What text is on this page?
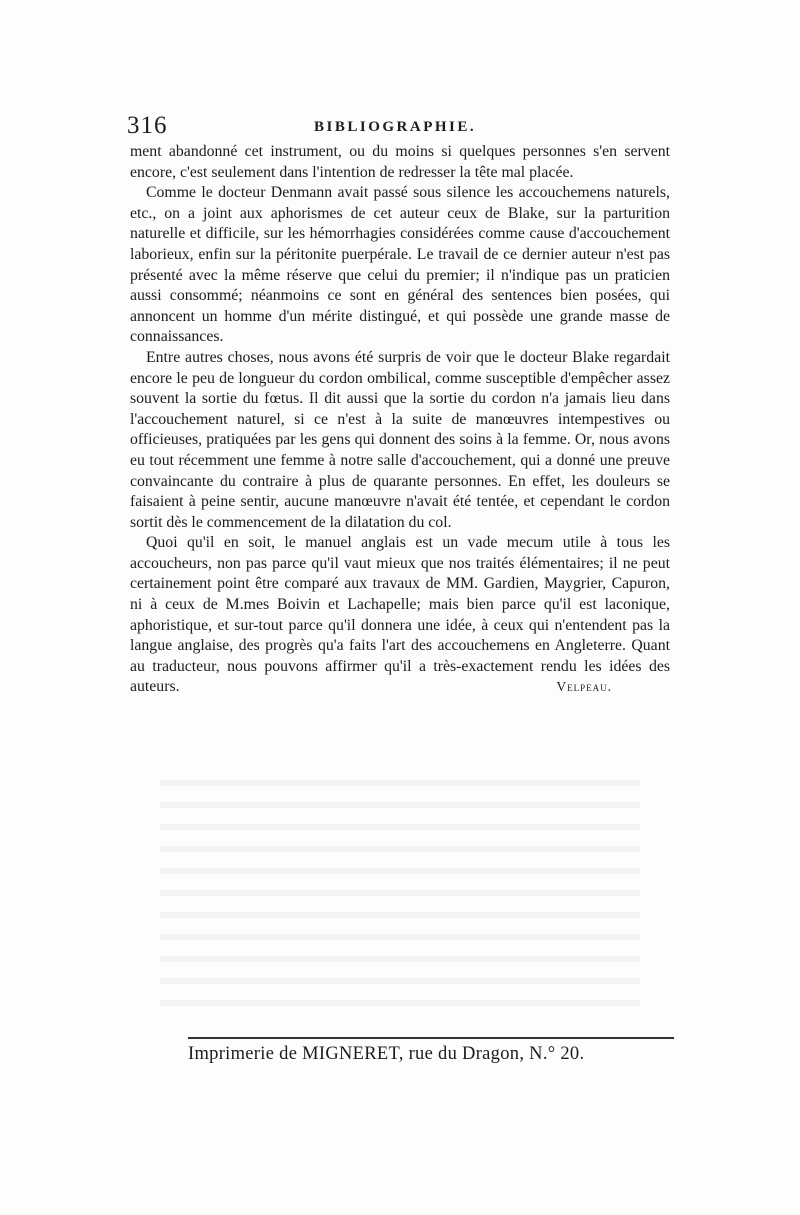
316	BIBLIOGRAPHIE.

ment abandonné cet instrument, ou du moins si quelques personnes s'en servent encore, c'est seulement dans l'intention de redresser la tête mal placée.

Comme le docteur Denmann avait passé sous silence les accouchemens naturels, etc., on a joint aux aphorismes de cet auteur ceux de Blake, sur la parturition naturelle et difficile, sur les hémorrhagies considérées comme cause d'accouchement laborieux, enfin sur la péritonite puerpérale. Le travail de ce dernier auteur n'est pas présenté avec la même réserve que celui du premier; il n'indique pas un praticien aussi consommé; néanmoins ce sont en général des sentences bien posées, qui annoncent un homme d'un mérite distingué, et qui possède une grande masse de connaissances.

Entre autres choses, nous avons été surpris de voir que le docteur Blake regardait encore le peu de longueur du cordon ombilical, comme susceptible d'empêcher assez souvent la sortie du fœtus. Il dit aussi que la sortie du cordon n'a jamais lieu dans l'accouchement naturel, si ce n'est à la suite de manœuvres intempestives ou officieuses, pratiquées par les gens qui donnent des soins à la femme. Or, nous avons eu tout récemment une femme à notre salle d'accouchement, qui a donné une preuve convaincante du contraire à plus de quarante personnes. En effet, les douleurs se faisaient à peine sentir, aucune manœuvre n'avait été tentée, et cependant le cordon sortit dès le commencement de la dilatation du col.

Quoi qu'il en soit, le manuel anglais est un vade mecum utile à tous les accoucheurs, non pas parce qu'il vaut mieux que nos traités élémentaires; il ne peut certainement point être comparé aux travaux de MM. Gardien, Maygrier, Capuron, ni à ceux de M.mes Boivin et Lachapelle; mais bien parce qu'il est laconique, aphoristique, et sur-tout parce qu'il donnera une idée, à ceux qui n'entendent pas la langue anglaise, des progrès qu'a faits l'art des accouchemens en Angleterre. Quant au traducteur, nous pouvons affirmer qu'il a très-exactement rendu les idées des auteurs.	Velpeau.
Imprimerie de MIGNERET, rue du Dragon, N.° 20.
